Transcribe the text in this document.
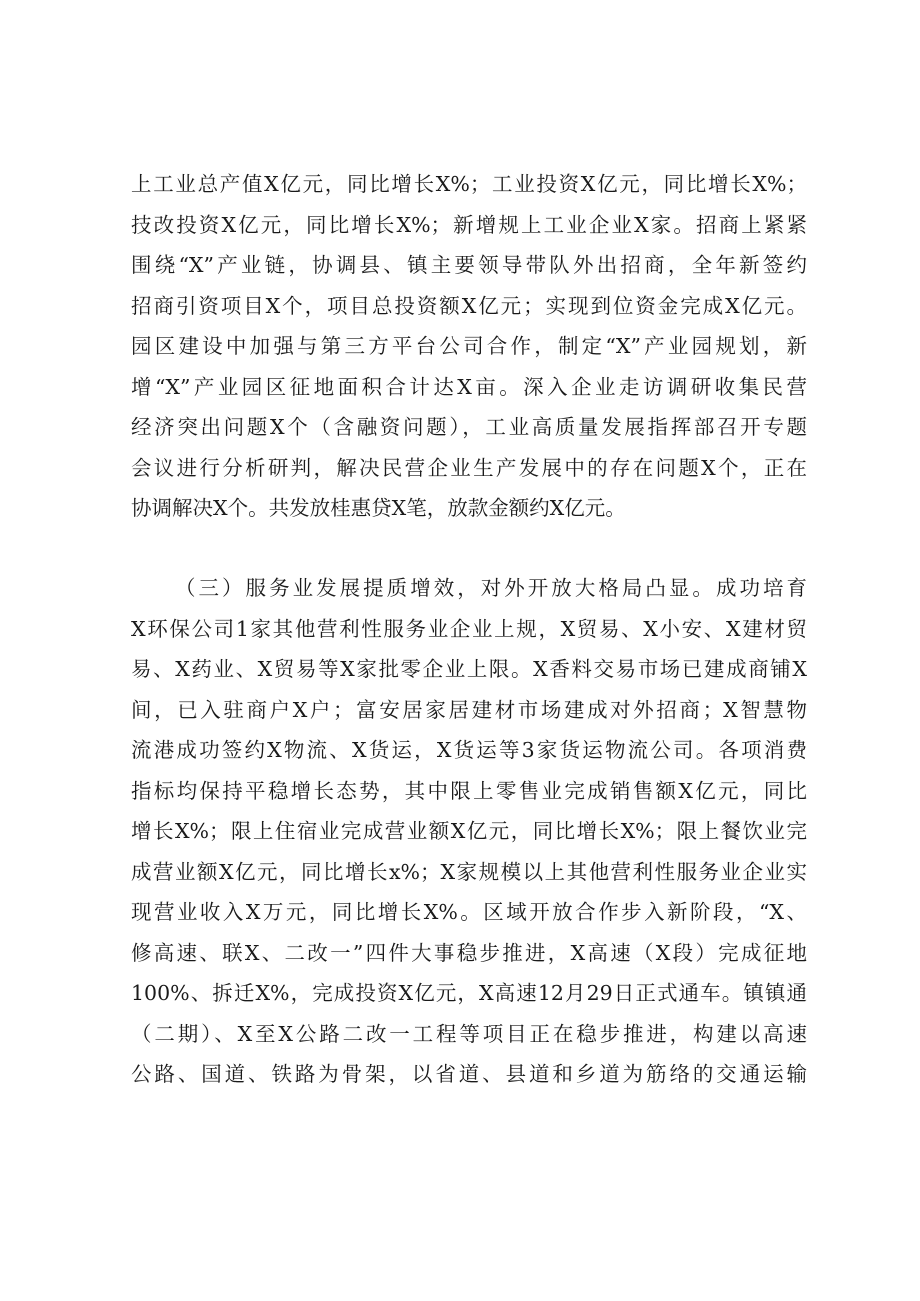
上工业总产值X亿元，同比增长X%；工业投资X亿元，同比增长X%；
技改投资X亿元，同比增长X%；新增规上工业企业X家。招商上紧紧
围绕“X”产业链，协调县、镇主要领导带队外出招商，全年新签约
招商引资项目X个，项目总投资额X亿元；实现到位资金完成X亿元。
园区建设中加强与第三方平台公司合作，制定“X”产业园规划，新
增“X”产业园区征地面积合计达X亩。深入企业走访调研收集民营
经济突出问题X个（含融资问题），工业高质量发展指挥部召开专题
会议进行分析研判，解决民营企业生产发展中的存在问题X个，正在
协调解决X个。共发放桂惠贷X笔，放款金额约X亿元。
（三）服务业发展提质增效，对外开放大格局凸显。成功培育
X环保公司1家其他营利性服务业企业上规，X贸易、X小安、X建材贸
易、X药业、X贸易等X家批零企业上限。X香料交易市场已建成商铺X
间，已入驻商户X户；富安居家居建材市场建成对外招商；X智慧物
流港成功签约X物流、X货运，X货运等3家货运物流公司。各项消费
指标均保持平稳增长态势，其中限上零售业完成销售额X亿元，同比
增长X%；限上住宿业完成营业额X亿元，同比增长X%；限上餐饮业完
成营业额X亿元，同比增长x%；X家规模以上其他营利性服务业企业实
现营业收入X万元，同比增长X%。区域开放合作步入新阶段，“X、
修高速、联X、二改一”四件大事稳步推进，X高速（X段）完成征地
100%、拆迁X%，完成投资X亿元，X高速12月29日正式通车。镇镇通
（二期）、X至X公路二改一工程等项目正在稳步推进，构建以高速
公路、国道、铁路为骨架，以省道、县道和乡道为筋络的交通运输
